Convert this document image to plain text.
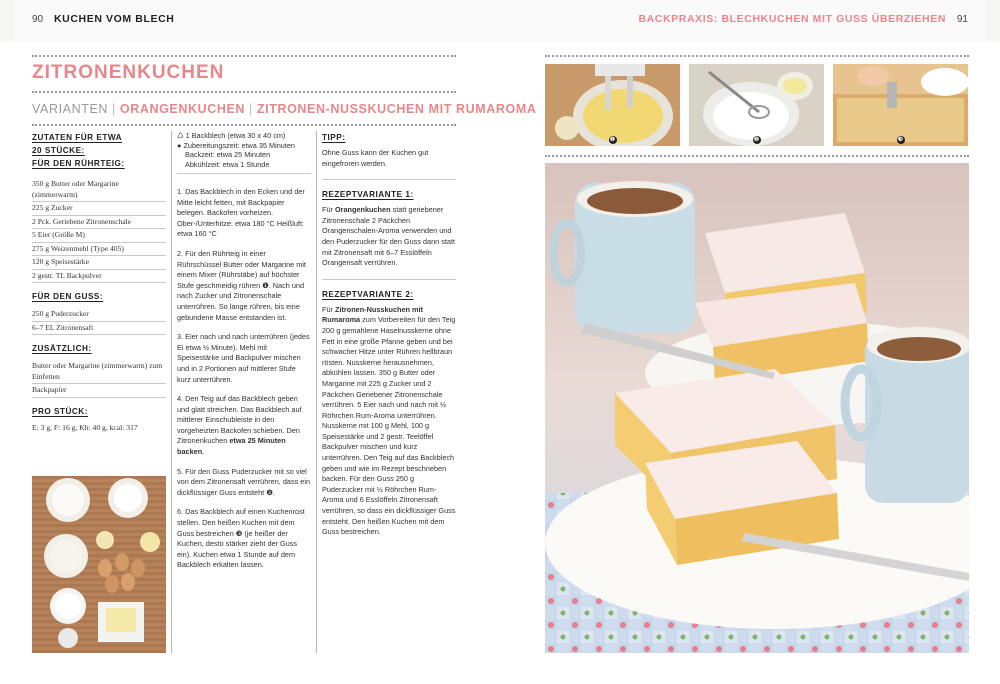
90 KUCHEN VOM BLECH	BACKPRAXIS: BLECHKUCHEN MIT GUSS ÜBERZIEHEN 91
ZITRONENKUCHEN
VARIANTEN | ORANGENKUCHEN | ZITRONEN-NUSSKUCHEN MIT RUMAROMA
ZUTATEN FÜR ETWA
20 STÜCKE:
FÜR DEN RÜHRTEIG:
350 g Butter oder Margarine (zimmerwarm)
225 g Zucker
2 Pck. Geriebene Zitronenschale
5 Eier (Größe M)
275 g Weizenmehl (Type 405)
120 g Speisestärke
2 gestr. TL Backpulver
FÜR DEN GUSS:
250 g Puderzucker
6–7 EL Zitronensaft
ZUSÄTZLICH:
Butter oder Margarine (zimmerwarm) zum Einfetten
Backpapier
PRO STÜCK:
E: 3 g, F: 16 g, Kh: 40 g, kcal: 317
♺ 1 Backblech (etwa 30 x 40 cm)
● Zubereitungszeit: etwa 35 Minuten
Backzeit: etwa 25 Minuten
Abkühlzeit: etwa 1 Stunde

1. Das Backblech in den Ecken und der Mitte leicht fetten, mit Backpapier belegen. Backofen vorheizen. Ober-/Unterhitze: etwa 180 °C Heißluft: etwa 160 °C

2. Für den Rührteig in einer Rührschüssel Butter oder Margarine mit einem Mixer (Rührstäbe) auf höchster Stufe geschmeidig rühren ❶. Nach und nach Zucker und Zitronenschale unterrühren. So lange rühren, bis eine gebundene Masse entstanden ist.

3. Eier nach und nach unterrühren (jedes Ei etwa ½ Minute). Mehl mit Speisestärke und Backpulver mischen und in 2 Portionen auf mittlerer Stufe kurz unterrühren.

4. Den Teig auf das Backblech geben und glatt streichen. Das Backblech auf mittlerer Einschubleiste in den vorgeheizten Backofen schieben. Den Zitronenkuchen etwa 25 Minuten backen.

5. Für den Guss Puderzucker mit so viel von dem Zitronensaft verrühren, dass ein dickflüssiger Guss entsteht ❷.

6. Das Backblech auf einen Kuchenrost stellen. Den heißen Kuchen mit dem Guss bestreichen ❸ (je heißer der Kuchen, desto stärker zieht der Guss ein). Kuchen etwa 1 Stunde auf dem Backblech erkalten lassen.

TIPP:

Ohne Guss kann der Kuchen gut eingefroren werden.

REZEPTVARIANTE 1:

Für Orangenkuchen statt geriebener Zitronenschale 2 Päckchen Orangenschalen-Aroma verwenden und den Puderzucker für den Guss dann statt mit Zitronensaft mit 6–7 Esslöffeln Orangensaft verrühren.

REZEPTVARIANTE 2:

Für Zitronen-Nusskuchen mit Rumaroma zum Vorbereiten für den Teig 200 g gemahlene Haselnusskerne ohne Fett in eine große Pfanne geben und bei schwacher Hitze unter Rühren hellbraun rösten. Nusskerne herausnehmen, abkühlen lassen. 350 g Butter oder Margarine mit 225 g Zucker und 2 Päckchen Geriebener Zitronenschale verrühren. 5 Eier nach und nach mit ½ Röhrchen Rum-Aroma unterrühren. Nusskerne mit 100 g Mehl, 100 g Speisestärke und 2 gestr. Teelöffel Backpulver mischen und kurz unterrühren. Den Teig auf das Backblech geben und wie im Rezept beschrieben backen. Für den Guss 250 g Puderzucker mit ½ Röhrchen Rum-Aroma und 6 Esslöffeln Zitronensaft verrühren, so dass ein dickflüssiger Guss entsteht. Den heißen Kuchen mit dem Guss bestreichen.

❶	❷	❸
